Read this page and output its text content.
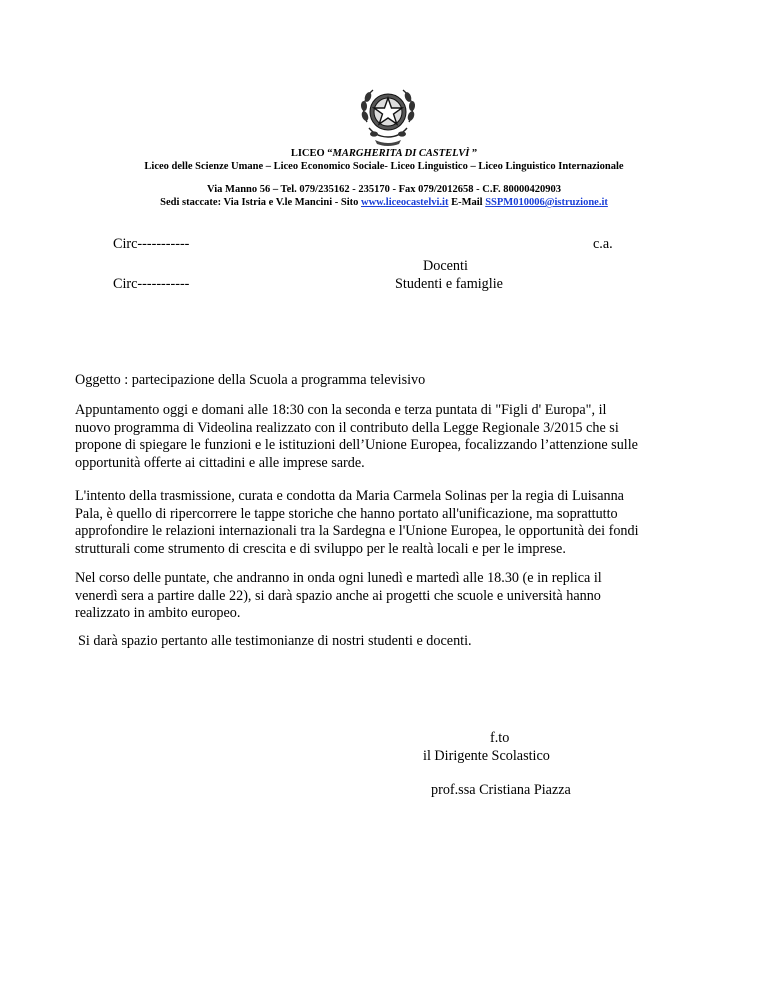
LICEO “MARGHERITA DI CASTELVÌ ”
Liceo delle Scienze Umane – Liceo Economico Sociale- Liceo Linguistico – Liceo Linguistico Internazionale
Via Manno 56 – Tel. 079/235162 - 235170 - Fax 079/2012658 - C.F. 80000420903
Sedi staccate: Via Istria e V.le Mancini - Sito www.liceocastelvi.it E-Mail SSPM010006@istruzione.it
Circ-----------	c.a.
Docenti
Circ-----------	Studenti e famiglie
Oggetto : partecipazione della Scuola a programma televisivo
Appuntamento oggi e domani alle 18:30 con la seconda e terza puntata di "Figli d' Europa", il
nuovo programma di Videolina realizzato con il contributo della Legge Regionale 3/2015 che si
propone di spiegare le funzioni e le istituzioni dell’Unione Europea, focalizzando l’attenzione sulle
opportunità offerte ai cittadini e alle imprese sarde.
L'intento della trasmissione, curata e condotta da Maria Carmela Solinas per la regia di Luisanna
Pala, è quello di ripercorrere le tappe storiche che hanno portato all'unificazione, ma soprattutto
approfondire le relazioni internazionali tra la Sardegna e l'Unione Europea, le opportunità dei fondi
strutturali come strumento di crescita e di sviluppo per le realtà locali e per le imprese.
Nel corso delle puntate, che andranno in onda ogni lunedì e martedì alle 18.30 (e in replica il
venerdì sera a partire dalle 22), si darà spazio anche ai progetti che scuole e università hanno
realizzato in ambito europeo.
Si darà spazio pertanto alle testimonianze di nostri studenti e docenti.
f.to
il Dirigente Scolastico
prof.ssa Cristiana Piazza
